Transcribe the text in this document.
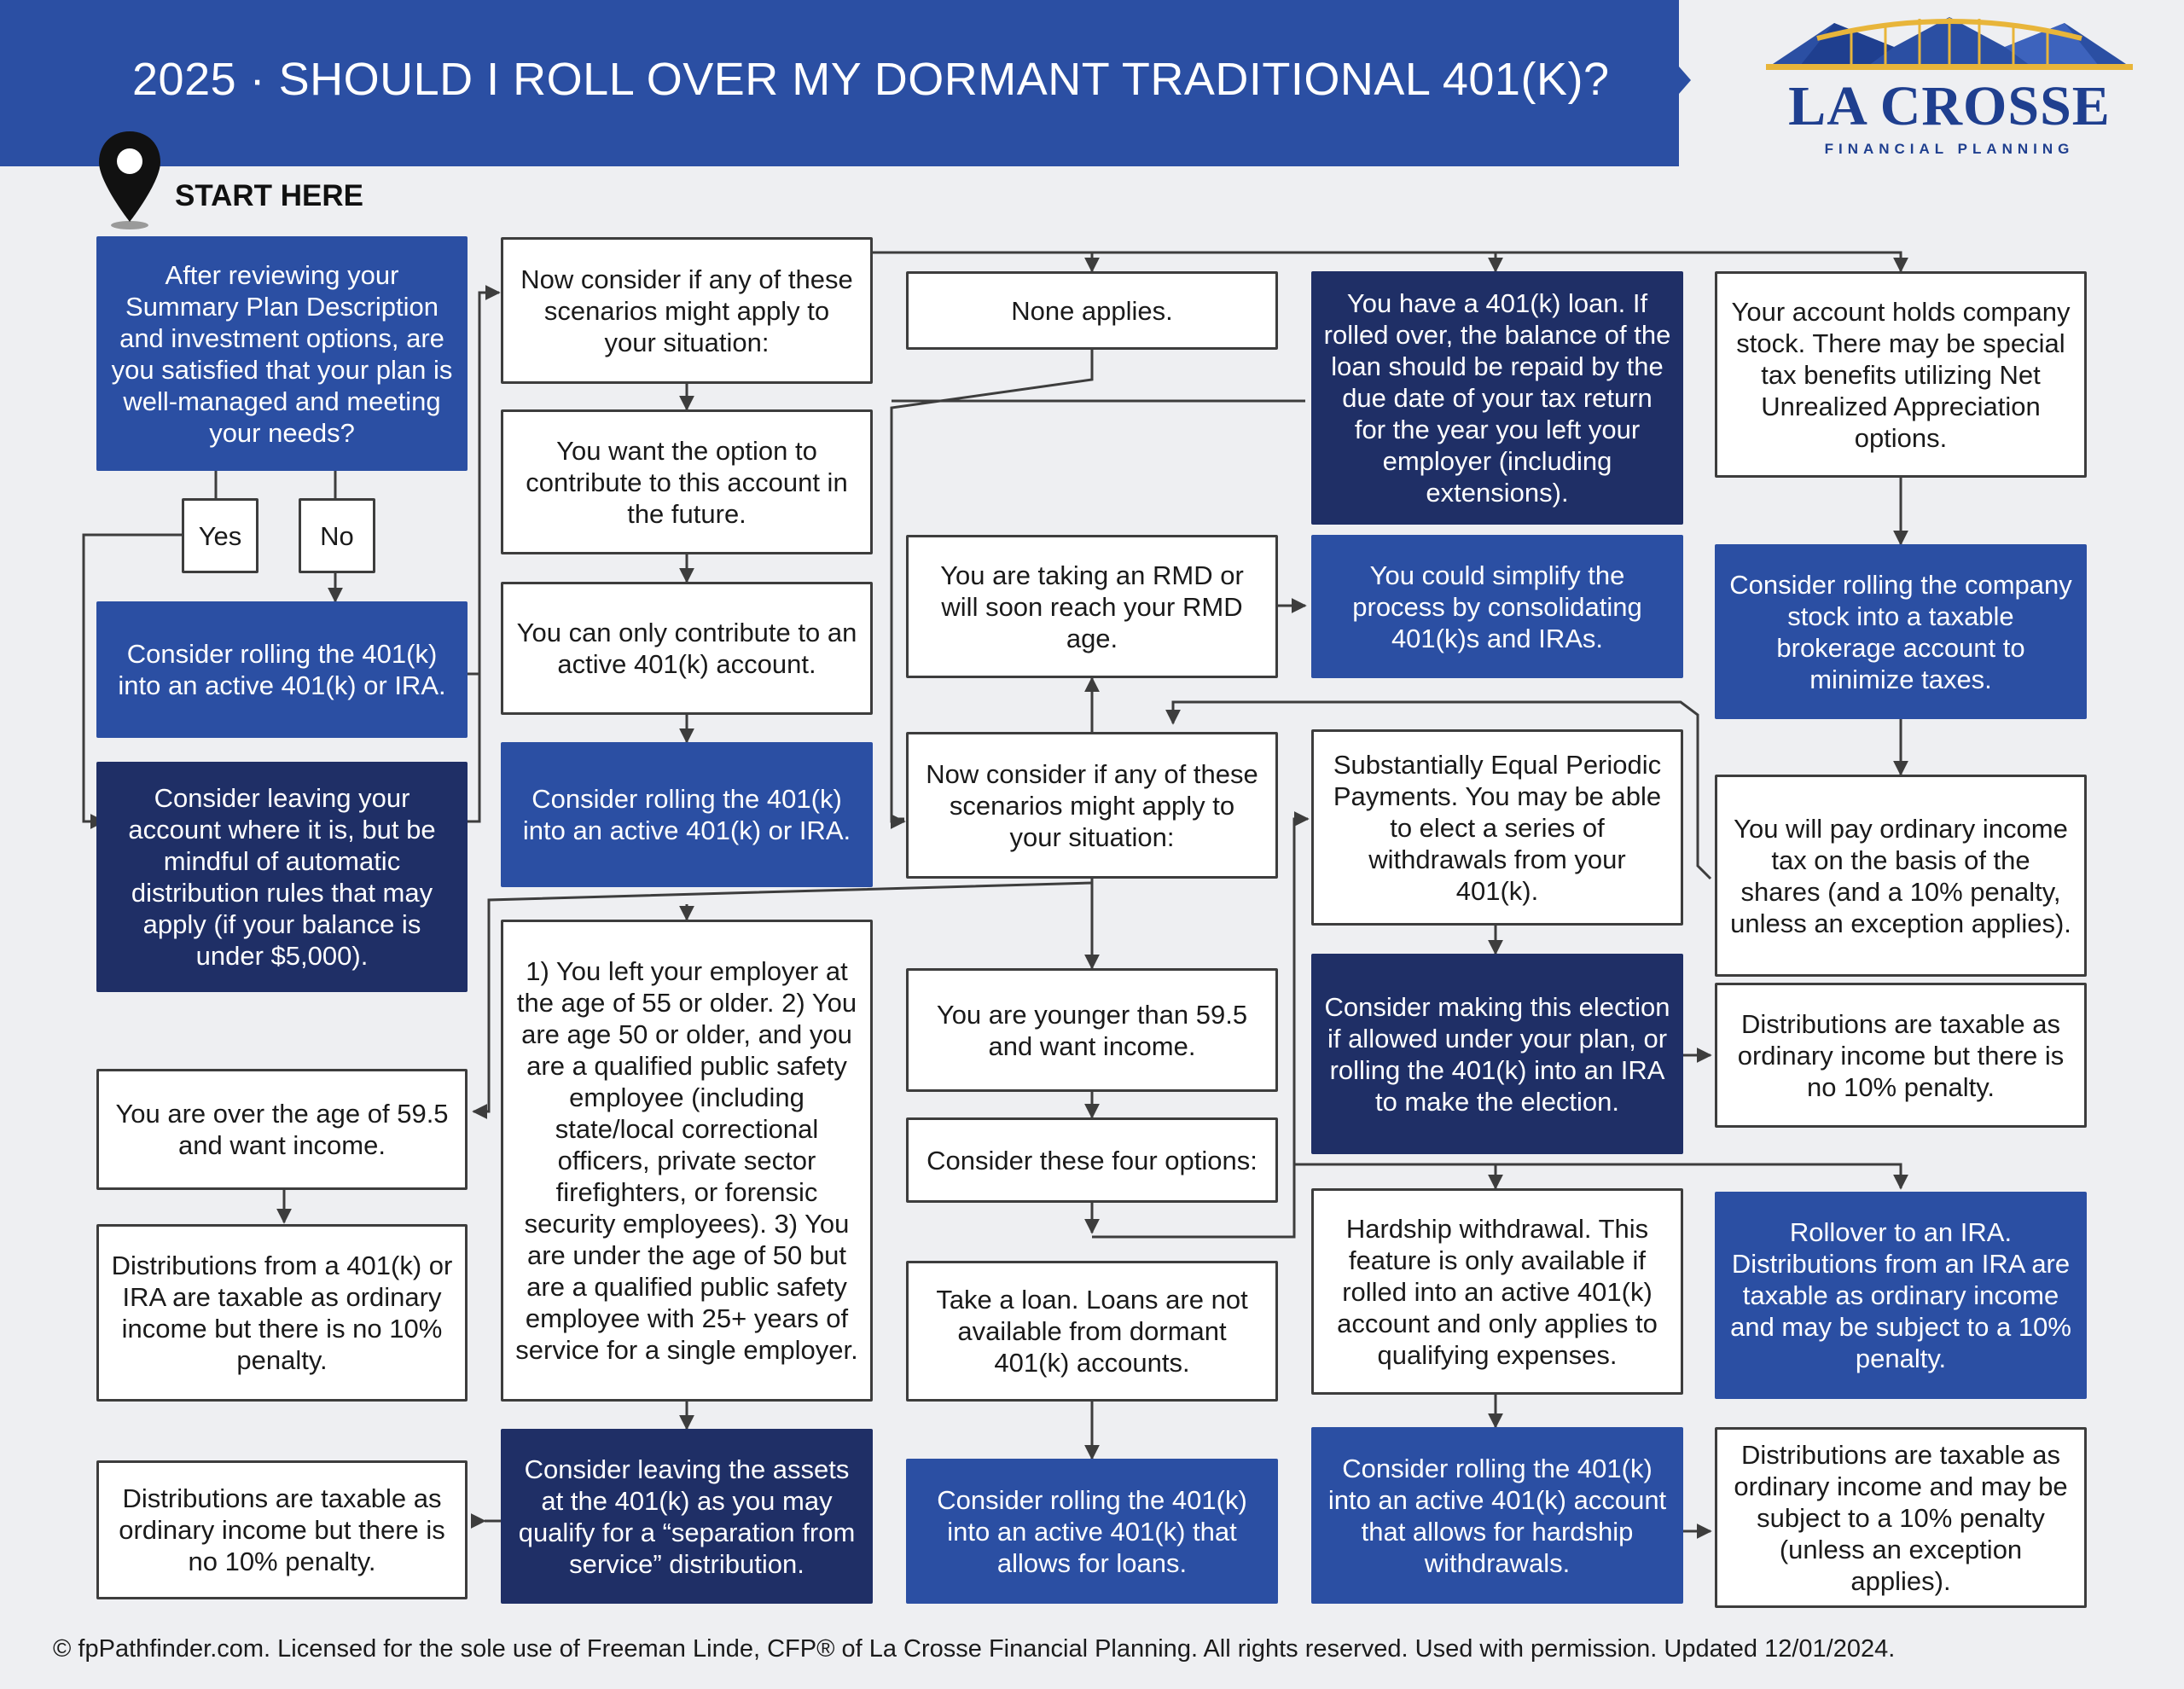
2025 · SHOULD I ROLL OVER MY DORMANT TRADITIONAL 401(K)?	LA CROSSE
FINANCIAL PLANNING
START HERE
After reviewing your Summary Plan Description and investment options, are you satisfied that your plan is well-managed and meeting your needs?
Yes	No
Consider rolling the 401(k) into an active 401(k) or IRA.
Consider leaving your account where it is, but be mindful of automatic distribution rules that may apply (if your balance is under $5,000).
You are over the age of 59.5 and want income.
Distributions from a 401(k) or IRA are taxable as ordinary income but there is no 10% penalty.
Distributions are taxable as ordinary income but there is no 10% penalty.
Now consider if any of these scenarios might apply to your situation:
You want the option to contribute to this account in the future.
You can only contribute to an active 401(k) account.
Consider rolling the 401(k) into an active 401(k) or IRA.
1) You left your employer at the age of 55 or older. 2) You are age 50 or older, and you are a qualified public safety employee (including state/local correctional officers, private sector firefighters, or forensic security employees). 3) You are under the age of 50 but are a qualified public safety employee with 25+ years of service for a single employer.
Consider leaving the assets at the 401(k) as you may qualify for a “separation from service” distribution.
None applies.
You are taking an RMD or will soon reach your RMD age.
Now consider if any of these scenarios might apply to your situation:
You are younger than 59.5 and want income.
Consider these four options:
Take a loan. Loans are not available from dormant 401(k) accounts.
Consider rolling the 401(k) into an active 401(k) that allows for loans.
You have a 401(k) loan. If rolled over, the balance of the loan should be repaid by the due date of your tax return for the year you left your employer (including extensions).
You could simplify the process by consolidating 401(k)s and IRAs.
Substantially Equal Periodic Payments. You may be able to elect a series of withdrawals from your 401(k).
Consider making this election if allowed under your plan, or rolling the 401(k) into an IRA to make the election.
Hardship withdrawal. This feature is only available if rolled into an active 401(k) account and only applies to qualifying expenses.
Consider rolling the 401(k) into an active 401(k) account that allows for hardship withdrawals.
Your account holds company stock. There may be special tax benefits utilizing Net Unrealized Appreciation options.
Consider rolling the company stock into a taxable brokerage account to minimize taxes.
You will pay ordinary income tax on the basis of the shares (and a 10% penalty, unless an exception applies).
Distributions are taxable as ordinary income but there is no 10% penalty.
Rollover to an IRA. Distributions from an IRA are taxable as ordinary income and may be subject to a 10% penalty.
Distributions are taxable as ordinary income and may be subject to a 10% penalty (unless an exception applies).
© fpPathfinder.com. Licensed for the sole use of Freeman Linde, CFP® of La Crosse Financial Planning. All rights reserved. Used with permission. Updated 12/01/2024.
